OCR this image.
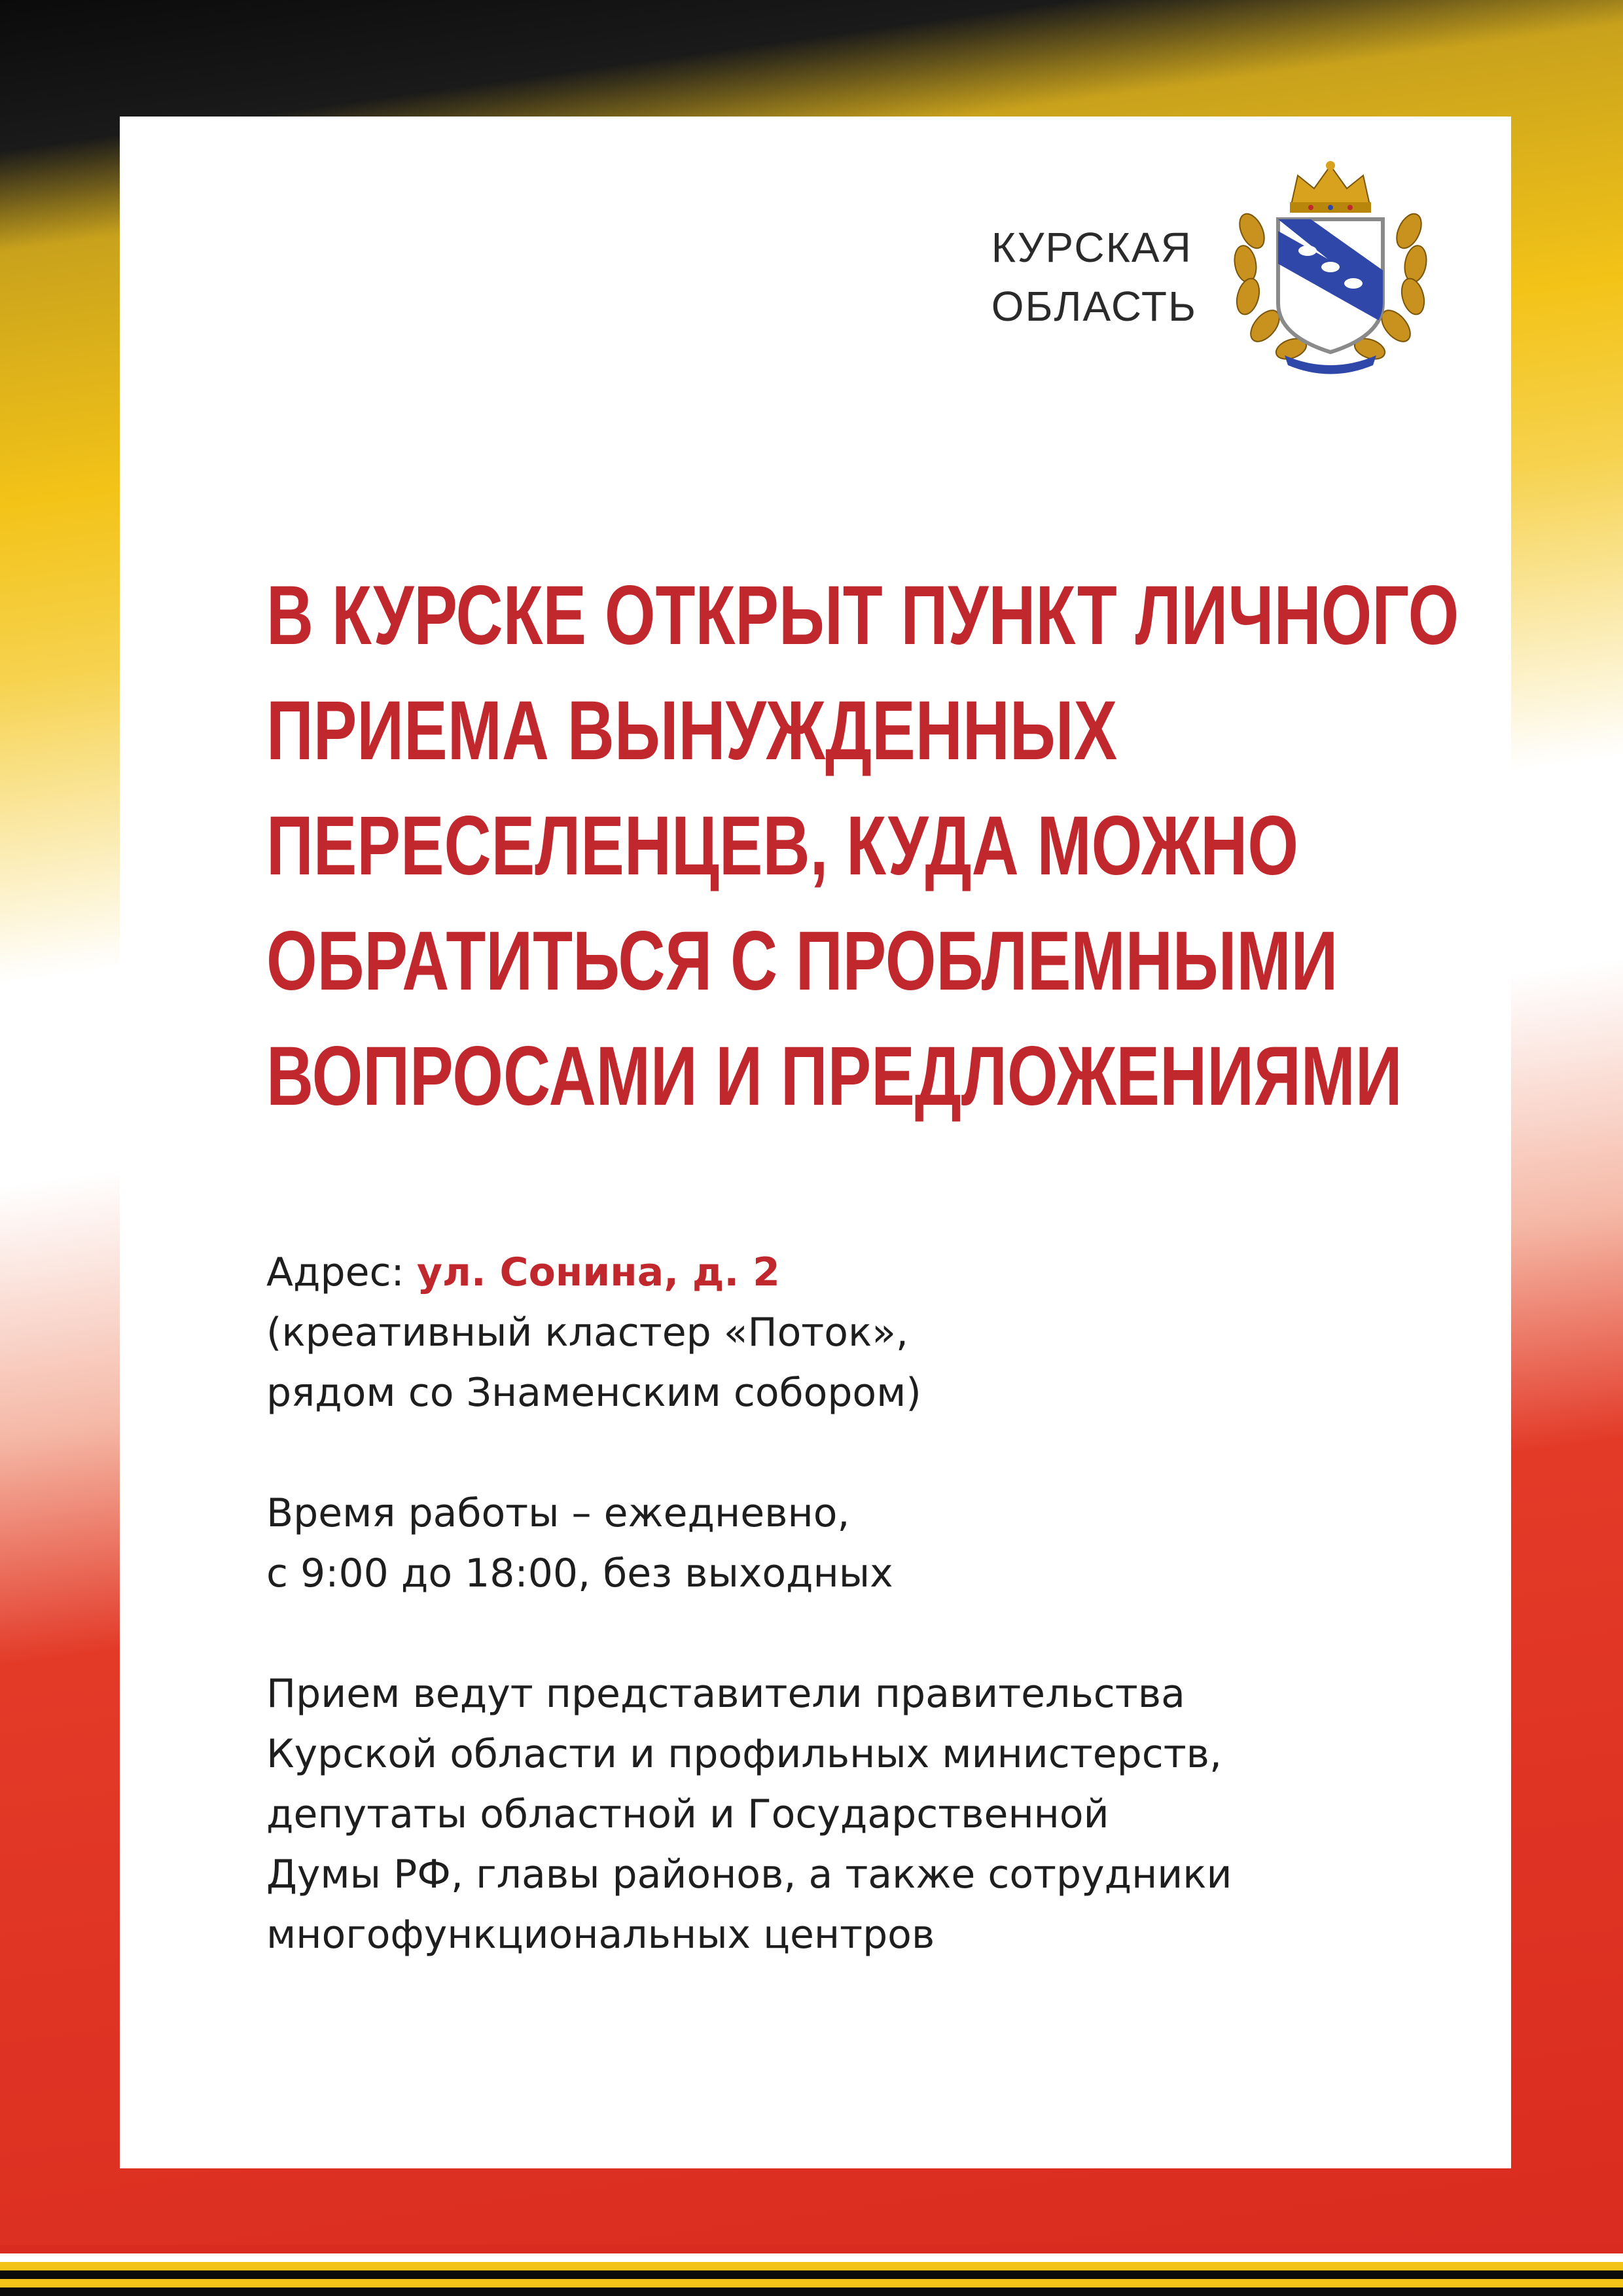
КУРСКАЯ
ОБЛАСТЬ
В КУРСКЕ ОТКРЫТ ПУНКТ ЛИЧНОГО
ПРИЕМА ВЫНУЖДЕННЫХ
ПЕРЕСЕЛЕНЦЕВ, КУДА МОЖНО
ОБРАТИТЬСЯ С ПРОБЛЕМНЫМИ
ВОПРОСАМИ И ПРЕДЛОЖЕНИЯМИ
Адрес: ул. Сонина, д. 2
(креативный кластер «Поток»,
рядом со Знаменским собором)
Время работы – ежедневно,
с 9:00 до 18:00, без выходных
Прием ведут представители правительства
Курской области и профильных министерств,
депутаты областной и Государственной
Думы РФ, главы районов, а также сотрудники
многофункциональных центров
